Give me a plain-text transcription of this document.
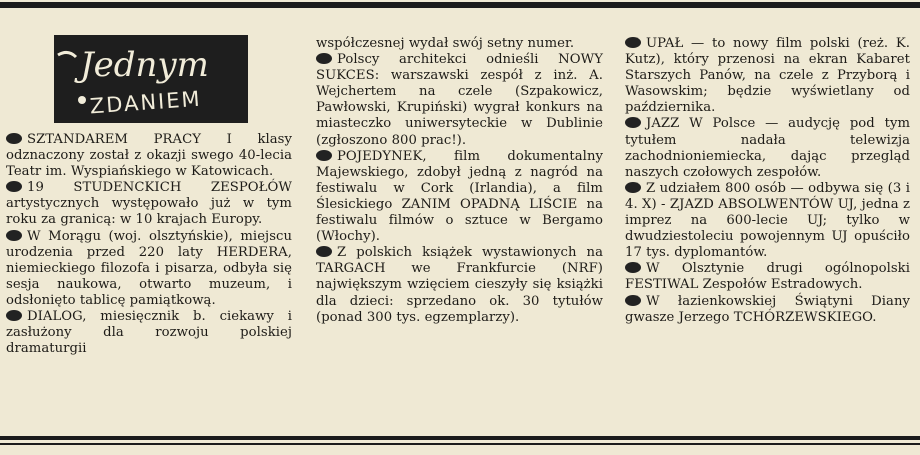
Jednym
ZDANIEM

SZTANDAREM PRACY I klasy odznaczony został z okazji swego 40-lecia Teatr im. Wyspiańskiego w Katowicach.

19 STUDENCKICH ZESPOŁÓW artystycznych występowało już w tym roku za granicą: w 10 krajach Europy.

W Morągu (woj. olsztyńskie), miejscu urodzenia przed 220 laty HERDERA, niemieckiego filozofa i pisarza, odbyła się sesja naukowa, otwarto muzeum, i odsłonięto tablicę pamiątkową.

DIALOG, miesięcznik b. ciekawy i zasłużony dla rozwoju polskiej dramaturgii

współczesnej wydał swój setny numer.

Polscy architekci odnieśli NOWY SUKCES: warszawski zespół z inż. A. Wejchertem na czele (Szpakowicz, Pawłowski, Krupiński) wygrał konkurs na miasteczko uniwersyteckie w Dublinie (zgłoszono 800 prac!).

POJEDYNEK, film dokumentalny Majewskiego, zdobył jedną z nagród na festiwalu w Cork (Irlandia), a film Ślesickiego ZANIM OPADNĄ LIŚCIE na festiwalu filmów o sztuce w Bergamo (Włochy).

Z polskich książek wystawionych na TARGACH we Frankfurcie (NRF) największym wzięciem cieszyły się książki dla dzieci: sprzedano ok. 30 tytułów (ponad 300 tys. egzemplarzy).

UPAŁ — to nowy film polski (reż. K. Kutz), który przenosi na ekran Kabaret Starszych Panów, na czele z Przyborą i Wasowskim; będzie wyświetlany od października.

JAZZ W Polsce — audycję pod tym tytułem nadała telewizja zachodnioniemiecka, dając przegląd naszych czołowych zespołów.

Z udziałem 800 osób — odbywa się (3 i 4. X) - ZJAZD ABSOLWENTÓW UJ, jedna z imprez na 600-lecie UJ; tylko w dwudziestoleciu powojennym UJ opuściło 17 tys. dyplomantów.

W Olsztynie drugi ogólnopolski FESTIWAL Zespołów Estradowych.

W łazienkowskiej Świątyni Diany gwasze Jerzego TCHÓRZEWSKIEGO.
